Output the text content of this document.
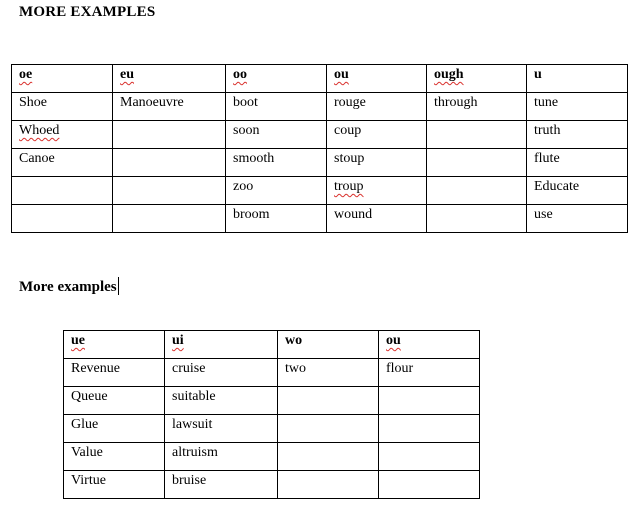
MORE EXAMPLES
oe	eu	oo	ou	ough	u
Shoe	Manoeuvre	boot	rouge	through	tune
Whoed		soon	coup		truth
Canoe		smooth	stoup		flute
		zoo	troup		Educate
		broom	wound		use
More examples
ue	ui	wo	ou
Revenue	cruise	two	flour
Queue	suitable		
Glue	lawsuit		
Value	altruism		
Virtue	bruise		
